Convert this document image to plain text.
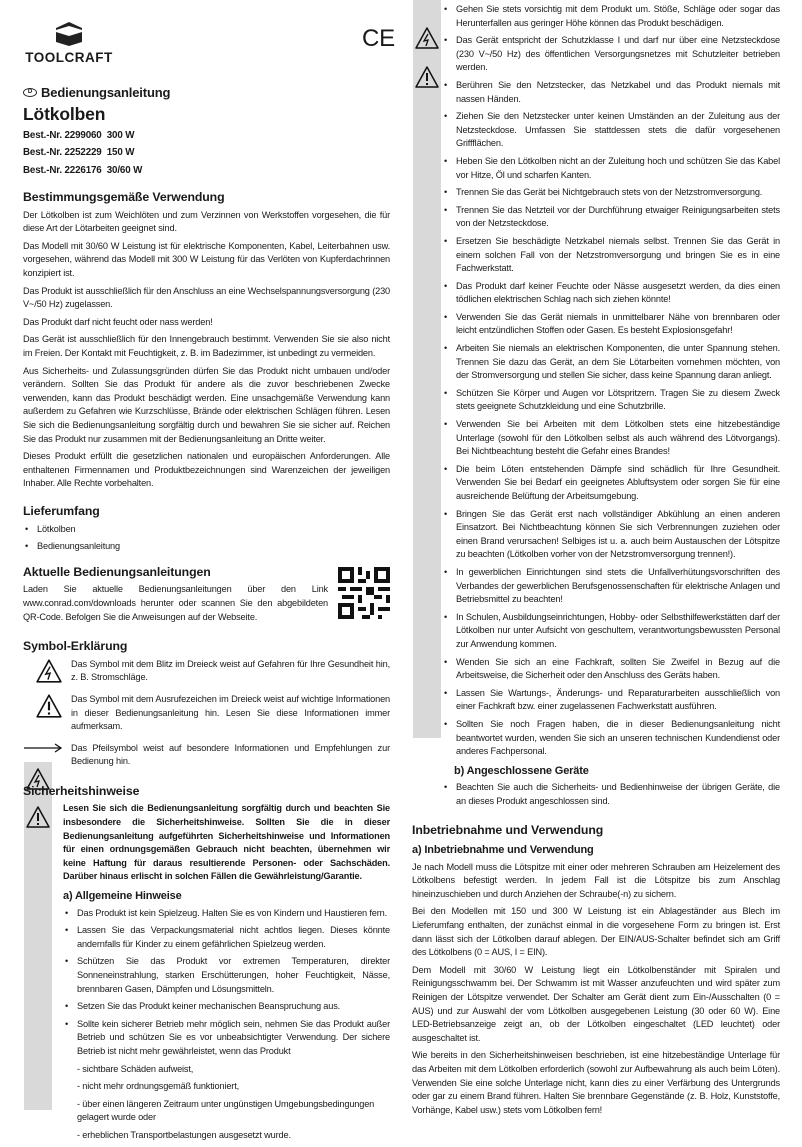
TOOLCRAFT
CE
D Bedienungsanleitung
Lötkolben
Best.-Nr. 2299060  300 W
Best.-Nr. 2252229  150 W
Best.-Nr. 2226176  30/60 W
Bestimmungsgemäße Verwendung

Der Lötkolben ist zum Weichlöten und zum Verzinnen von Werkstoffen vorgesehen, die für diese Art der Lötarbeiten geeignet sind.

Das Modell mit 30/60 W Leistung ist für elektrische Komponenten, Kabel, Leiterbahnen usw. vorgesehen, während das Modell mit 300 W Leistung für das Verlöten von Kupferdachrinnen konzipiert ist.

Das Produkt ist ausschließlich für den Anschluss an eine Wechselspannungsversorgung (230 V~/50 Hz) zugelassen.

Das Produkt darf nicht feucht oder nass werden!

Das Gerät ist ausschließlich für den Innengebrauch bestimmt. Verwenden Sie sie also nicht im Freien. Der Kontakt mit Feuchtigkeit, z. B. im Badezimmer, ist unbedingt zu vermeiden.

Aus Sicherheits- und Zulassungsgründen dürfen Sie das Produkt nicht umbauen und/oder verändern. Sollten Sie das Produkt für andere als die zuvor beschriebenen Zwecke verwenden, kann das Produkt beschädigt werden. Eine unsachgemäße Verwendung kann außerdem zu Gefahren wie Kurzschlüsse, Brände oder elektrischen Schlägen führen. Lesen Sie sich die Bedienungsanleitung sorgfältig durch und bewahren Sie sie sicher auf. Reichen Sie das Produkt nur zusammen mit der Bedienungsanleitung an Dritte weiter.

Dieses Produkt erfüllt die gesetzlichen nationalen und europäischen Anforderungen. Alle enthaltenen Firmennamen und Produktbezeichnungen sind Warenzeichen der jeweiligen Inhaber. Alle Rechte vorbehalten.

Lieferumfang
• Lötkolben
• Bedienungsanleitung
Aktuelle Bedienungsanleitungen

Laden Sie aktuelle Bedienungsanleitungen über den Link www.conrad.com/downloads herunter oder scannen Sie den abgebildeten QR-Code. Befolgen Sie die Anweisungen auf der Webseite.

Symbol-Erklärung

Das Symbol mit dem Blitz im Dreieck weist auf Gefahren für Ihre Gesundheit hin, z. B. Stromschläge.

Das Symbol mit dem Ausrufezeichen im Dreieck weist auf wichtige Informationen in dieser Bedienungsanleitung hin. Lesen Sie diese Informationen immer aufmerksam.

Das Pfeilsymbol weist auf besondere Informationen und Empfehlungen zur Bedienung hin.

Sicherheitshinweise

Lesen Sie sich die Bedienungsanleitung sorgfältig durch und beachten Sie insbesondere die Sicherheitshinweise. Sollten Sie die in dieser Bedienungsanleitung aufgeführten Sicherheitshinweise und Informationen für einen ordnungsgemäßen Gebrauch nicht beachten, übernehmen wir keine Haftung für daraus resultierende Personen- oder Sachschäden. Darüber hinaus erlischt in solchen Fällen die Gewährleistung/Garantie.

a) Allgemeine Hinweise
• Das Produkt ist kein Spielzeug. Halten Sie es von Kindern und Haustieren fern.
• Lassen Sie das Verpackungsmaterial nicht achtlos liegen. Dieses könnte andernfalls für Kinder zu einem gefährlichen Spielzeug werden.
• Schützen Sie das Produkt vor extremen Temperaturen, direkter Sonneneinstrahlung, starken Erschütterungen, hoher Feuchtigkeit, Nässe, brennbaren Gasen, Dämpfen und Lösungsmitteln.
• Setzen Sie das Produkt keiner mechanischen Beanspruchung aus.
• Sollte kein sicherer Betrieb mehr möglich sein, nehmen Sie das Produkt außer Betrieb und schützen Sie es vor unbeabsichtigter Verwendung. Der sichere Betrieb ist nicht mehr gewährleistet, wenn das Produkt
- sichtbare Schäden aufweist,
- nicht mehr ordnungsgemäß funktioniert,
- über einen längeren Zeitraum unter ungünstigen Umgebungsbedingungen gelagert wurde oder
- erheblichen Transportbelastungen ausgesetzt wurde.
• Gehen Sie stets vorsichtig mit dem Produkt um. Stöße, Schläge oder sogar das Herunterfallen aus geringer Höhe können das Produkt beschädigen.
• Das Gerät entspricht der Schutzklasse I und darf nur über eine Netzsteckdose (230 V~/50 Hz) des öffentlichen Versorgungsnetzes mit Schutzleiter betrieben werden.
• Berühren Sie den Netzstecker, das Netzkabel und das Produkt niemals mit nassen Händen.
• Ziehen Sie den Netzstecker unter keinen Umständen an der Zuleitung aus der Netzsteckdose. Umfassen Sie stattdessen stets die dafür vorgesehenen Griffflächen.
• Heben Sie den Lötkolben nicht an der Zuleitung hoch und schützen Sie das Kabel vor Hitze, Öl und scharfen Kanten.
• Trennen Sie das Gerät bei Nichtgebrauch stets von der Netzstromversorgung.
• Trennen Sie das Netzteil vor der Durchführung etwaiger Reinigungsarbeiten stets von der Netzsteckdose.
• Ersetzen Sie beschädigte Netzkabel niemals selbst. Trennen Sie das Gerät in einem solchen Fall von der Netzstromversorgung und bringen Sie es in eine Fachwerkstatt.
• Das Produkt darf keiner Feuchte oder Nässe ausgesetzt werden, da dies einen tödlichen elektrischen Schlag nach sich ziehen könnte!
• Verwenden Sie das Gerät niemals in unmittelbarer Nähe von brennbaren oder leicht entzündlichen Stoffen oder Gasen. Es besteht Explosionsgefahr!
• Arbeiten Sie niemals an elektrischen Komponenten, die unter Spannung stehen. Trennen Sie dazu das Gerät, an dem Sie Lötarbeiten vornehmen möchten, von der Stromversorgung und stellen Sie sicher, dass keine Spannung daran anliegt.
• Schützen Sie Körper und Augen vor Lötspritzern. Tragen Sie zu diesem Zweck stets geeignete Schutzkleidung und eine Schutzbrille.
• Verwenden Sie bei Arbeiten mit dem Lötkolben stets eine hitzebeständige Unterlage (sowohl für den Lötkolben selbst als auch während des Lötvorgangs). Bei Nichtbeachtung besteht die Gefahr eines Brandes!
• Die beim Löten entstehenden Dämpfe sind schädlich für Ihre Gesundheit. Verwenden Sie bei Bedarf ein geeignetes Abluftsystem oder sorgen Sie für eine ausreichende Belüftung der Arbeitsumgebung.
• Bringen Sie das Gerät erst nach vollständiger Abkühlung an einen anderen Einsatzort. Bei Nichtbeachtung können Sie sich Verbrennungen zuziehen oder einen Brand verursachen! Selbiges ist u. a. auch beim Austauschen der Lötspitze zu beachten (Lötkolben vorher von der Netzstromversorgung trennen!).
• In gewerblichen Einrichtungen sind stets die Unfallverhütungsvorschriften des Verbandes der gewerblichen Berufsgenossenschaften für elektrische Anlagen und Betriebsmittel zu beachten!
• In Schulen, Ausbildungseinrichtungen, Hobby- oder Selbsthilfewerkstätten darf der Lötkolben nur unter Aufsicht von geschultem, verantwortungsbewussten Personal zur Anwendung kommen.
• Wenden Sie sich an eine Fachkraft, sollten Sie Zweifel in Bezug auf die Arbeitsweise, die Sicherheit oder den Anschluss des Geräts haben.
• Lassen Sie Wartungs-, Änderungs- und Reparaturarbeiten ausschließlich von einer Fachkraft bzw. einer zugelassenen Fachwerkstatt ausführen.
• Sollten Sie noch Fragen haben, die in dieser Bedienungsanleitung nicht beantwortet wurden, wenden Sie sich an unseren technischen Kundendienst oder anderes Fachpersonal.
b) Angeschlossene Geräte
• Beachten Sie auch die Sicherheits- und Bedienhinweise der übrigen Geräte, die an dieses Produkt angeschlossen sind.
Inbetriebnahme und Verwendung
a) Inbetriebnahme und Verwendung

Je nach Modell muss die Lötspitze mit einer oder mehreren Schrauben am Heizelement des Lötkolbens befestigt werden. In jedem Fall ist die Lötspitze bis zum Anschlag hineinzuschieben und durch Anziehen der Schraube(-n) zu sichern.

Bei den Modellen mit 150 und 300 W Leistung ist ein Ablageständer aus Blech im Lieferumfang enthalten, der zunächst einmal in die vorgesehene Form zu bringen ist. Erst dann lässt sich der Lötkolben darauf ablegen. Der EIN/AUS-Schalter befindet sich am Griff des Lötkolbens (0 = AUS, I = EIN).

Dem Modell mit 30/60 W Leistung liegt ein Lötkolbenständer mit Spiralen und Reinigungsschwamm bei. Der Schwamm ist mit Wasser anzufeuchten und wird später zum Reinigen der Lötspitze verwendet. Der Schalter am Gerät dient zum Ein-/Ausschalten (0 = AUS) und zur Auswahl der vom Lötkolben ausgegebenen Leistung (30 oder 60 W). Eine LED-Betriebsanzeige zeigt an, ob der Lötkolben eingeschaltet (LED leuchtet) oder ausgeschaltet ist.

Wie bereits in den Sicherheitshinweisen beschrieben, ist eine hitzebeständige Unterlage für das Arbeiten mit dem Lötkolben erforderlich (sowohl zur Aufbewahrung als auch beim Löten). Verwenden Sie eine solche Unterlage nicht, kann dies zu einer Verfärbung des Untergrunds oder gar zu einem Brand führen. Halten Sie brennbare Gegenstände (z. B. Holz, Kunststoffe, Vorhänge, Kabel usw.) stets vom Lötkolben fern!
